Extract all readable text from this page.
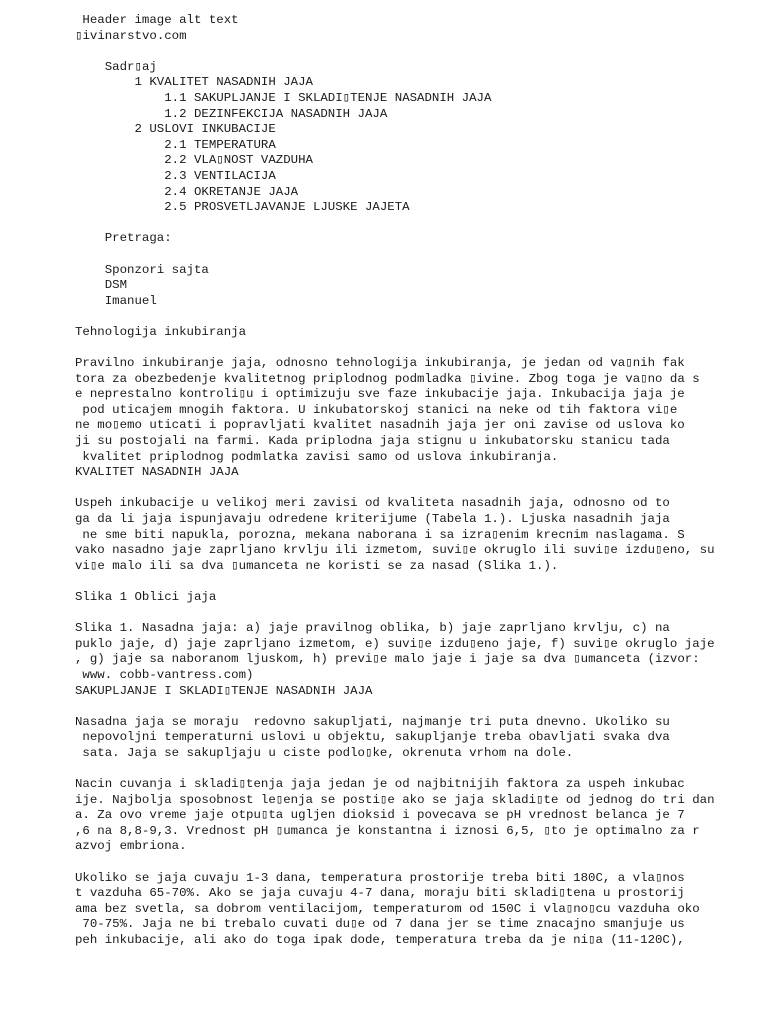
Header image alt text
▯ivinarstvo.com

Sadr▯aj
1 KVALITET NASADNIH JAJA
1.1 SAKUPLJANJE I SKLADI▯TENJE NASADNIH JAJA
1.2 DEZINFEKCIJA NASADNIH JAJA
2 USLOVI INKUBACIJE
2.1 TEMPERATURA
2.2 VLA▯NOST VAZDUHA
2.3 VENTILACIJA
2.4 OKRETANJE JAJA
2.5 PROSVETLJAVANJE LJUSKE JAJETA

Pretraga:

Sponzori sajta
DSM
Imanuel

Tehnologija inkubiranja

Pravilno inkubiranje jaja, odnosno tehnologija inkubiranja, je jedan od va▯nih fak
tora za obezbedenje kvalitetnog priplodnog podmladka ▯ivine. Zbog toga je va▯no da s
e neprestalno kontroli▯u i optimizuju sve faze inkubacije jaja. Inkubacija jaja je
pod uticajem mnogih faktora. U inkubatorskoj stanici na neke od tih faktora vi▯e
ne mo▯emo uticati i popravljati kvalitet nasadnih jaja jer oni zavise od uslova ko
ji su postojali na farmi. Kada priplodna jaja stignu u inkubatorsku stanicu tada
kvalitet priplodnog podmlatka zavisi samo od uslova inkubiranja.
KVALITET NASADNIH JAJA

Uspeh inkubacije u velikoj meri zavisi od kvaliteta nasadnih jaja, odnosno od to
ga da li jaja ispunjavaju odredene kriterijume (Tabela 1.). Ljuska nasadnih jaja
ne sme biti napukla, porozna, mekana naborana i sa izra▯enim krecnim naslagama. S
vako nasadno jaje zaprljano krvlju ili izmetom, suvi▯e okruglo ili suvi▯e izdu▯eno, su
vi▯e malo ili sa dva ▯umanceta ne koristi se za nasad (Slika 1.).

Slika 1 Oblici jaja

Slika 1. Nasadna jaja: a) jaje pravilnog oblika, b) jaje zaprljano krvlju, c) na
puklo jaje, d) jaje zaprljano izmetom, e) suvi▯e izdu▯eno jaje, f) suvi▯e okruglo jaje
, g) jaje sa naboranom ljuskom, h) previ▯e malo jaje i jaje sa dva ▯umanceta (izvor:
www. cobb-vantress.com)
SAKUPLJANJE I SKLADI▯TENJE NASADNIH JAJA

Nasadna jaja se moraju  redovno sakupljati, najmanje tri puta dnevno. Ukoliko su
nepovoljni temperaturni uslovi u objektu, sakupljanje treba obavljati svaka dva
sata. Jaja se sakupljaju u ciste podlo▯ke, okrenuta vrhom na dole.

Nacin cuvanja i skladi▯tenja jaja jedan je od najbitnijih faktora za uspeh inkubac
ije. Najbolja sposobnost le▯enja se posti▯e ako se jaja skladi▯te od jednog do tri dan
a. Za ovo vreme jaje otpu▯ta ugljen dioksid i povecava se pH vrednost belanca je 7
,6 na 8,8-9,3. Vrednost pH ▯umanca je konstantna i iznosi 6,5, ▯to je optimalno za r
azvoj embriona.

Ukoliko se jaja cuvaju 1-3 dana, temperatura prostorije treba biti 180C, a vla▯nos
t vazduha 65-70%. Ako se jaja cuvaju 4-7 dana, moraju biti skladi▯tena u prostorij
ama bez svetla, sa dobrom ventilacijom, temperaturom od 150C i vla▯no▯cu vazduha oko
70-75%. Jaja ne bi trebalo cuvati du▯e od 7 dana jer se time znacajno smanjuje us
peh inkubacije, ali ako do toga ipak dode, temperatura treba da je ni▯a (11-120C),
